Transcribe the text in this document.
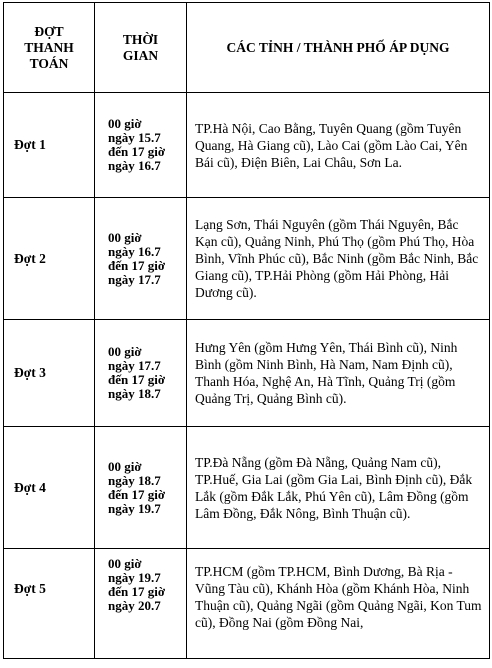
ĐỢT
THANH
TOÁN	THỜI
GIAN	CÁC TỈNH / THÀNH PHỐ ÁP DỤNG
Đợt 1	00 giờ
ngày 15.7
đến 17 giờ
ngày 16.7	TP.Hà Nội, Cao Bằng, Tuyên Quang (gồm Tuyên Quang, Hà Giang cũ), Lào Cai (gồm Lào Cai, Yên Bái cũ), Điện Biên, Lai Châu, Sơn La.
Đợt 2	00 giờ
ngày 16.7
đến 17 giờ
ngày 17.7	Lạng Sơn, Thái Nguyên (gồm Thái Nguyên, Bắc Kạn cũ), Quảng Ninh, Phú Thọ (gồm Phú Thọ, Hòa Bình, Vĩnh Phúc cũ), Bắc Ninh (gồm Bắc Ninh, Bắc Giang cũ), TP.Hải Phòng (gồm Hải Phòng, Hải Dương cũ).
Đợt 3	00 giờ
ngày 17.7
đến 17 giờ
ngày 18.7	Hưng Yên (gồm Hưng Yên, Thái Bình cũ), Ninh Bình (gồm Ninh Bình, Hà Nam, Nam Định cũ), Thanh Hóa, Nghệ An, Hà Tĩnh, Quảng Trị (gồm Quảng Trị, Quảng Bình cũ).
Đợt 4	00 giờ
ngày 18.7
đến 17 giờ
ngày 19.7	TP.Đà Nẵng (gồm Đà Nẵng, Quảng Nam cũ), TP.Huế, Gia Lai (gồm Gia Lai, Bình Định cũ), Đắk Lắk (gồm Đắk Lắk, Phú Yên cũ), Lâm Đồng (gồm Lâm Đồng, Đắk Nông, Bình Thuận cũ).
Đợt 5	00 giờ
ngày 19.7
đến 17 giờ
ngày 20.7	TP.HCM (gồm TP.HCM, Bình Dương, Bà Rịa - Vũng Tàu cũ), Khánh Hòa (gồm Khánh Hòa, Ninh Thuận cũ), Quảng Ngãi (gồm Quảng Ngãi, Kon Tum cũ), Đồng Nai (gồm Đồng Nai,
